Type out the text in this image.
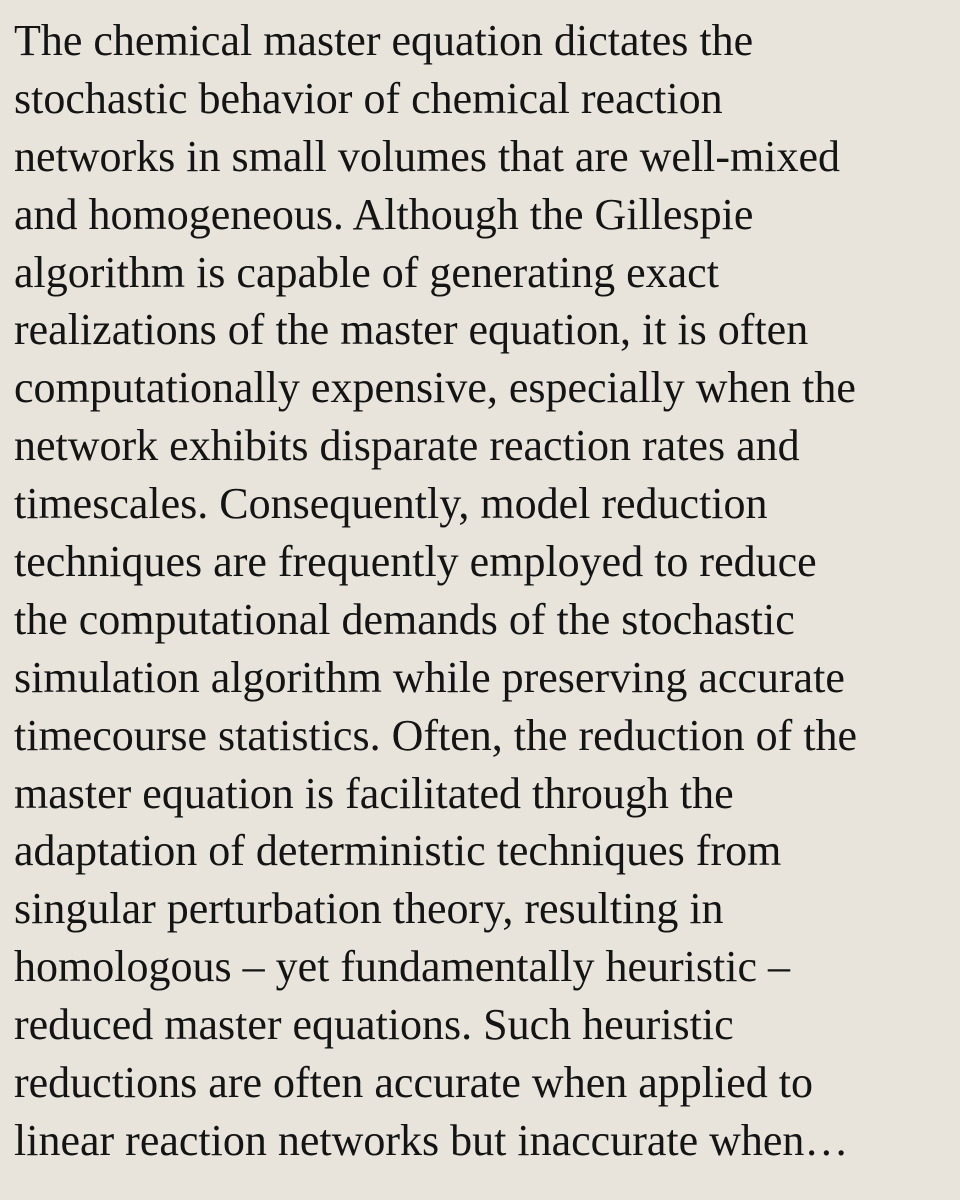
The chemical master equation dictates the
stochastic behavior of chemical reaction
networks in small volumes that are well-mixed
and homogeneous. Although the Gillespie
algorithm is capable of generating exact
realizations of the master equation, it is often
computationally expensive, especially when the
network exhibits disparate reaction rates and
timescales. Consequently, model reduction
techniques are frequently employed to reduce
the computational demands of the stochastic
simulation algorithm while preserving accurate
timecourse statistics. Often, the reduction of the
master equation is facilitated through the
adaptation of deterministic techniques from
singular perturbation theory, resulting in
homologous – yet fundamentally heuristic –
reduced master equations. Such heuristic
reductions are often accurate when applied to
linear reaction networks but inaccurate when…
